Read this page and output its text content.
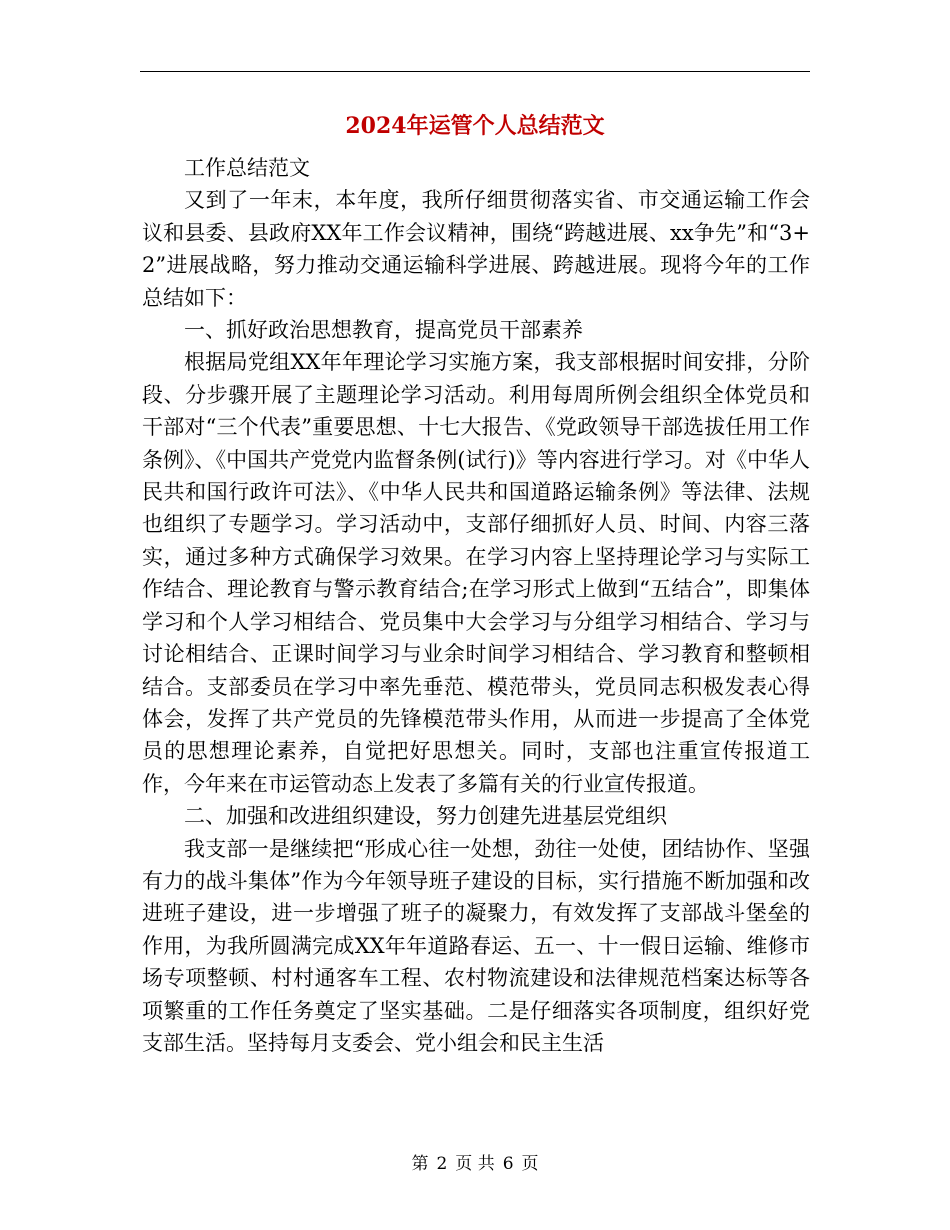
2024年运管个人总结范文

工作总结范文

又到了一年末，本年度，我所仔细贯彻落实省、市交通运输工作会议和县委、县政府XX年工作会议精神，围绕“跨越进展、xx争先”和“3+2”进展战略，努力推动交通运输科学进展、跨越进展。现将今年的工作总结如下：

一、抓好政治思想教育，提高党员干部素养

根据局党组XX年年理论学习实施方案，我支部根据时间安排，分阶段、分步骤开展了主题理论学习活动。利用每周所例会组织全体党员和干部对“三个代表”重要思想、十七大报告、《党政领导干部选拔任用工作条例》、《中国共产党党内监督条例(试行)》等内容进行学习。对《中华人民共和国行政许可法》、《中华人民共和国道路运输条例》等法律、法规也组织了专题学习。学习活动中，支部仔细抓好人员、时间、内容三落实，通过多种方式确保学习效果。在学习内容上坚持理论学习与实际工作结合、理论教育与警示教育结合;在学习形式上做到“五结合”，即集体学习和个人学习相结合、党员集中大会学习与分组学习相结合、学习与讨论相结合、正课时间学习与业余时间学习相结合、学习教育和整顿相结合。支部委员在学习中率先垂范、模范带头，党员同志积极发表心得体会，发挥了共产党员的先锋模范带头作用，从而进一步提高了全体党员的思想理论素养，自觉把好思想关。同时，支部也注重宣传报道工作，今年来在市运管动态上发表了多篇有关的行业宣传报道。

二、加强和改进组织建设，努力创建先进基层党组织

我支部一是继续把“形成心往一处想，劲往一处使，团结协作、坚强有力的战斗集体”作为今年领导班子建设的目标，实行措施不断加强和改进班子建设，进一步增强了班子的凝聚力，有效发挥了支部战斗堡垒的作用，为我所圆满完成XX年年道路春运、五一、十一假日运输、维修市场专项整顿、村村通客车工程、农村物流建设和法律规范档案达标等各项繁重的工作任务奠定了坚实基础。二是仔细落实各项制度，组织好党支部生活。坚持每月支委会、党小组会和民主生活

第 2 页 共 6 页
